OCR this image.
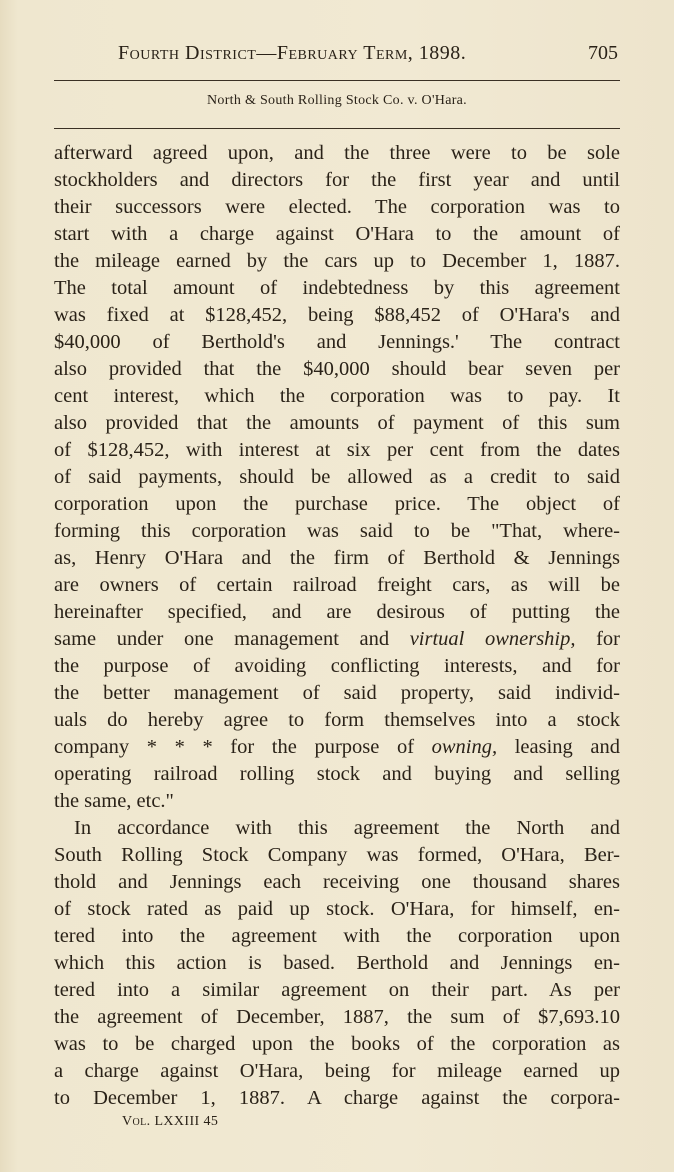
Fourth District—February Term, 1898.	705
North & South Rolling Stock Co. v. O'Hara.
afterward agreed upon, and the three were to be sole
stockholders and directors for the first year and until
their successors were elected. The corporation was to
start with a charge against O'Hara to the amount of
the mileage earned by the cars up to December 1, 1887.
The total amount of indebtedness by this agreement
was fixed at $128,452, being $88,452 of O'Hara's and
$40,000 of Berthold's and Jennings.' The contract
also provided that the $40,000 should bear seven per
cent interest, which the corporation was to pay. It
also provided that the amounts of payment of this sum
of $128,452, with interest at six per cent from the dates
of said payments, should be allowed as a credit to said
corporation upon the purchase price. The object of
forming this corporation was said to be "That, where-
as, Henry O'Hara and the firm of Berthold & Jennings
are owners of certain railroad freight cars, as will be
hereinafter specified, and are desirous of putting the
same under one management and virtual ownership, for
the purpose of avoiding conflicting interests, and for
the better management of said property, said individ-
uals do hereby agree to form themselves into a stock
company * * * for the purpose of owning, leasing and
operating railroad rolling stock and buying and selling
the same, etc."
In accordance with this agreement the North and
South Rolling Stock Company was formed, O'Hara, Ber-
thold and Jennings each receiving one thousand shares
of stock rated as paid up stock. O'Hara, for himself, en-
tered into the agreement with the corporation upon
which this action is based. Berthold and Jennings en-
tered into a similar agreement on their part. As per
the agreement of December, 1887, the sum of $7,693.10
was to be charged upon the books of the corporation as
a charge against O'Hara, being for mileage earned up
to December 1, 1887. A charge against the corpora-
Vol. LXXIII 45
